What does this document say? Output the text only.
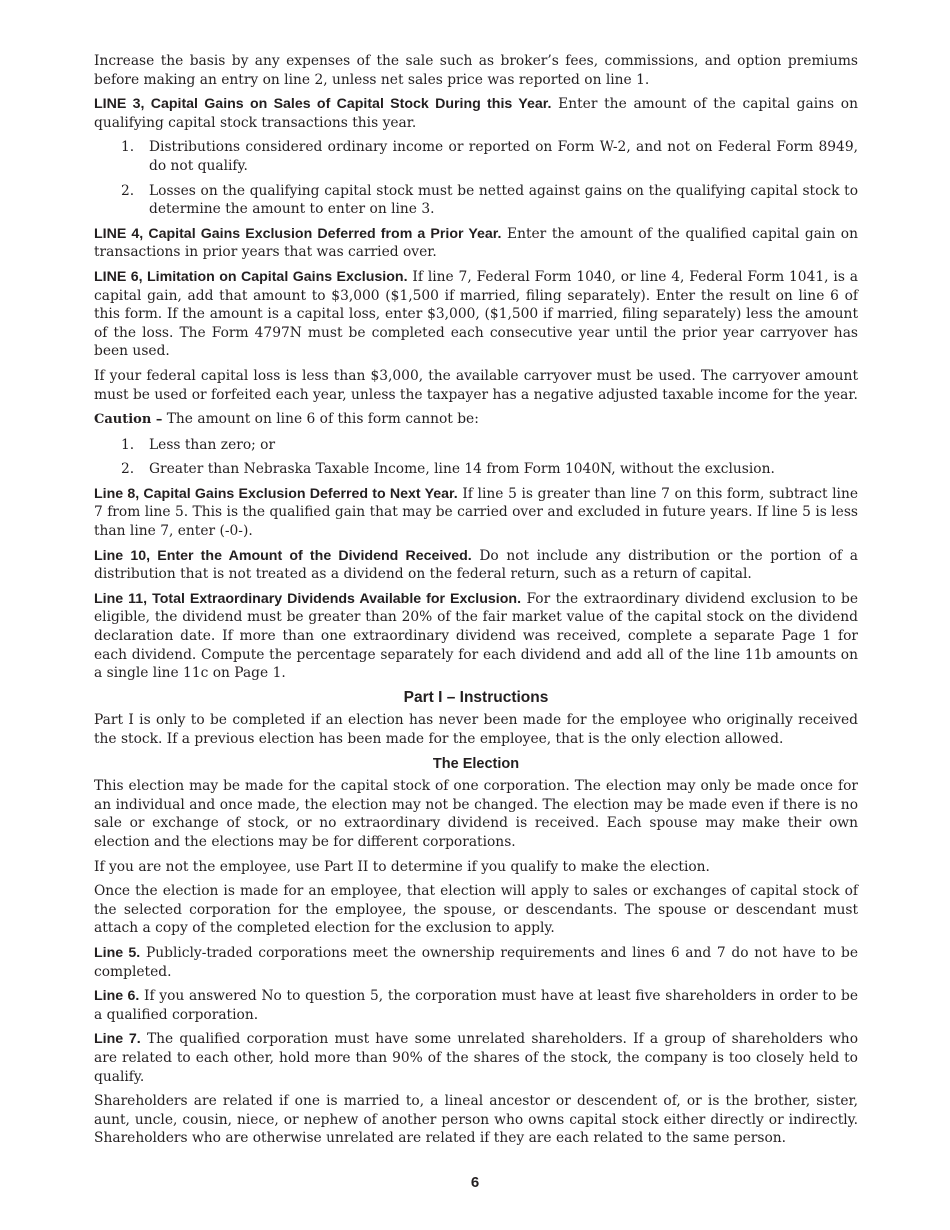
Increase the basis by any expenses of the sale such as broker’s fees, commissions, and option premiums before making an entry on line 2, unless net sales price was reported on line 1.

LINE 3, Capital Gains on Sales of Capital Stock During this Year. Enter the amount of the capital gains on qualifying capital stock transactions this year.

1. Distributions considered ordinary income or reported on Form W-2, and not on Federal Form 8949, do not qualify.
2. Losses on the qualifying capital stock must be netted against gains on the qualifying capital stock to determine the amount to enter on line 3.

LINE 4, Capital Gains Exclusion Deferred from a Prior Year. Enter the amount of the qualified capital gain on transactions in prior years that was carried over.

LINE 6, Limitation on Capital Gains Exclusion. If line 7, Federal Form 1040, or line 4, Federal Form 1041, is a capital gain, add that amount to $3,000 ($1,500 if married, filing separately). Enter the result on line 6 of this form. If the amount is a capital loss, enter $3,000, ($1,500 if married, filing separately) less the amount of the loss. The Form 4797N must be completed each consecutive year until the prior year carryover has been used.

If your federal capital loss is less than $3,000, the available carryover must be used. The carryover amount must be used or forfeited each year, unless the taxpayer has a negative adjusted taxable income for the year.

Caution – The amount on line 6 of this form cannot be:

1. Less than zero; or
2. Greater than Nebraska Taxable Income, line 14 from Form 1040N, without the exclusion.

Line 8, Capital Gains Exclusion Deferred to Next Year. If line 5 is greater than line 7 on this form, subtract line 7 from line 5. This is the qualified gain that may be carried over and excluded in future years. If line 5 is less than line 7, enter (-0-).

Line 10, Enter the Amount of the Dividend Received. Do not include any distribution or the portion of a distribution that is not treated as a dividend on the federal return, such as a return of capital.

Line 11, Total Extraordinary Dividends Available for Exclusion. For the extraordinary dividend exclusion to be eligible, the dividend must be greater than 20% of the fair market value of the capital stock on the dividend declaration date. If more than one extraordinary dividend was received, complete a separate Page 1 for each dividend. Compute the percentage separately for each dividend and add all of the line 11b amounts on a single line 11c on Page 1.

Part I – Instructions

Part I is only to be completed if an election has never been made for the employee who originally received the stock. If a previous election has been made for the employee, that is the only election allowed.

The Election

This election may be made for the capital stock of one corporation. The election may only be made once for an individual and once made, the election may not be changed. The election may be made even if there is no sale or exchange of stock, or no extraordinary dividend is received. Each spouse may make their own election and the elections may be for different corporations.

If you are not the employee, use Part II to determine if you qualify to make the election.

Once the election is made for an employee, that election will apply to sales or exchanges of capital stock of the selected corporation for the employee, the spouse, or descendants. The spouse or descendant must attach a copy of the completed election for the exclusion to apply.

Line 5. Publicly-traded corporations meet the ownership requirements and lines 6 and 7 do not have to be completed.

Line 6. If you answered No to question 5, the corporation must have at least five shareholders in order to be a qualified corporation.

Line 7. The qualified corporation must have some unrelated shareholders. If a group of shareholders who are related to each other, hold more than 90% of the shares of the stock, the company is too closely held to qualify.

Shareholders are related if one is married to, a lineal ancestor or descendent of, or is the brother, sister, aunt, uncle, cousin, niece, or nephew of another person who owns capital stock either directly or indirectly. Shareholders who are otherwise unrelated are related if they are each related to the same person.

6
